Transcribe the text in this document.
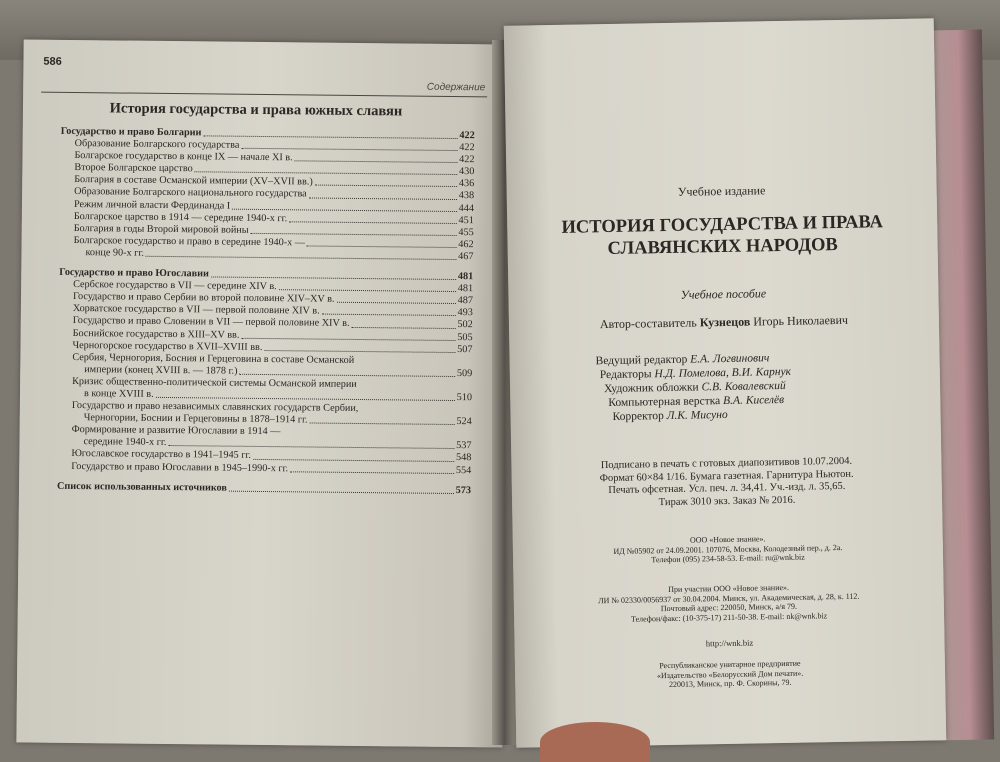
586
Содержание
История государства и права южных славян
Государство и право Болгарии	422
Образование Болгарского государства	422
Болгарское государство в конце IX — начале XI в.	422
Второе Болгарское царство	430
Болгария в составе Османской империи (XV–XVII вв.)	436
Образование Болгарского национального государства	438
Режим личной власти Фердинанда I	444
Болгарское царство в 1914 — середине 1940-х гг.	451
Болгария в годы Второй мировой войны	455
Болгарское государство и право в середине 1940-х —	462
конце 90-х гг.	467
Государство и право Югославии	481
Сербское государство в VII — середине XIV в.	481
Государство и право Сербии во второй половине XIV–XV в.	487
Хорватское государство в VII — первой половине XIV в.	493
Государство и право Словении в VII — первой половине XIV в.	502
Боснийское государство в XIII–XV вв.	505
Черногорское государство в XVII–XVIII вв.	507
Сербия, Черногория, Босния и Герцеговина в составе Османской
империи (конец XVIII в. — 1878 г.)	509
Кризис общественно-политической системы Османской империи
в конце XVIII в.	510
Государство и право независимых славянских государств Сербии,
Черногории, Боснии и Герцеговины в 1878–1914 гг.	524
Формирование и развитие Югославии в 1914 —
середине 1940-х гг.	537
Югославское государство в 1941–1945 гг.	548
Государство и право Югославии в 1945–1990-х гг.	554
Список использованных источников	573
Учебное издание
ИСТОРИЯ ГОСУДАРСТВА И ПРАВА
СЛАВЯНСКИХ НАРОДОВ
Учебное пособие
Автор-составитель Кузнецов Игорь Николаевич
Ведущий редактор Е.А. Логвинович
Редакторы Н.Д. Помелова, В.И. Карнук
Художник обложки С.В. Ковалевский
Компьютерная верстка В.А. Киселёв
Корректор Л.К. Мисуно
Подписано в печать с готовых диапозитивов 10.07.2004.
Формат 60×84 1/16. Бумага газетная. Гарнитура Ньютон.
Печать офсетная. Усл. печ. л. 34,41. Уч.-изд. л. 35,65.
Тираж 3010 экз. Заказ № 2016.
ООО «Новое знание».
ИД №05902 от 24.09.2001. 107076, Москва, Колодезный пер., д. 2а.
Телефон (095) 234-58-53. E-mail: ru@wnk.biz
При участии ООО «Новое знание».
ЛИ № 02330/0056937 от 30.04.2004. Минск, ул. Академическая, д. 28, к. 112.
Почтовый адрес: 220050, Минск, а/я 79.
Телефон/факс: (10-375-17) 211-50-38. E-mail: nk@wnk.biz
http://wnk.biz
Республиканское унитарное предприятие
«Издательство «Белорусский Дом печати».
220013, Минск, пр. Ф. Скорины, 79.
